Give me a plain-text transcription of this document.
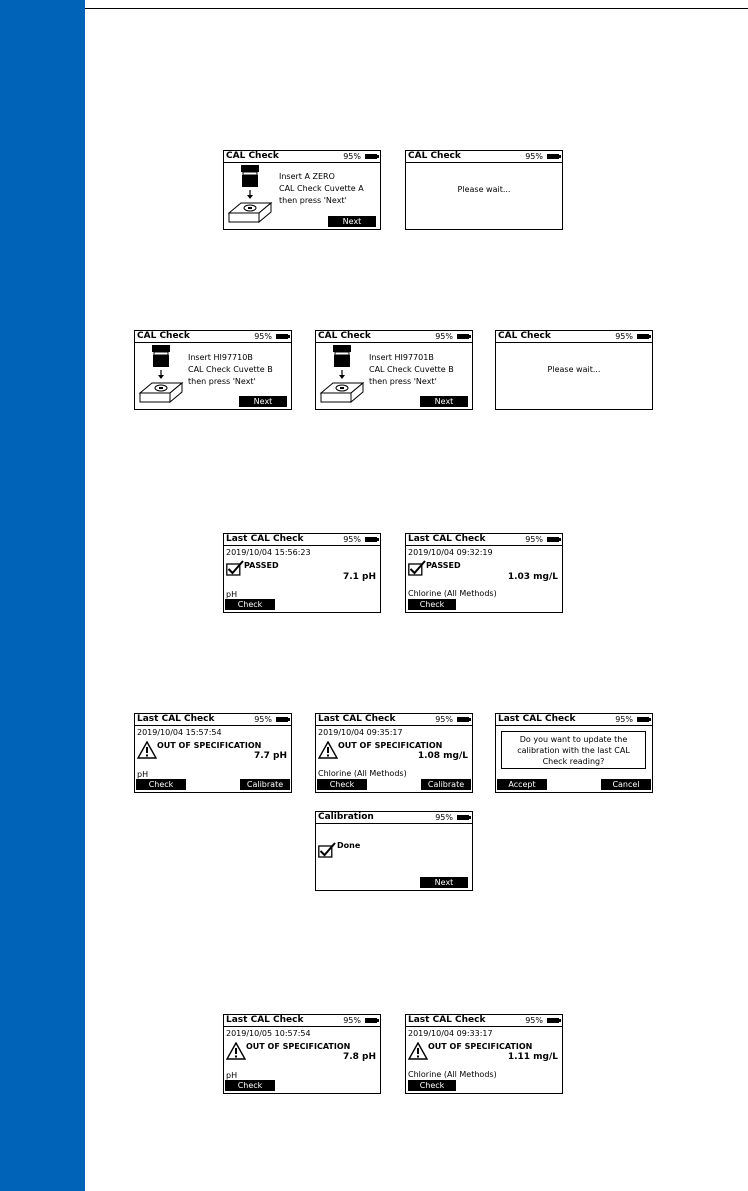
CAL Check	95%
Insert A ZERO
CAL Check Cuvette A
then press 'Next'
Next
CAL Check	95%
Please wait...
CAL Check	95%
Insert HI97710B
CAL Check Cuvette B
then press 'Next'
Next
CAL Check	95%
Insert HI97701B
CAL Check Cuvette B
then press 'Next'
Next
CAL Check	95%
Please wait...
Last CAL Check	95%
2019/10/04 15:56:23
PASSED
7.1 pH
pH
Check
Last CAL Check	95%
2019/10/04 09:32:19
PASSED
1.03 mg/L
Chlorine (All Methods)
Check
Last CAL Check	95%
2019/10/04 15:57:54
OUT OF SPECIFICATION
7.7 pH
pH
Check	Calibrate
Last CAL Check	95%
2019/10/04 09:35:17
OUT OF SPECIFICATION
1.08 mg/L
Chlorine (All Methods)
Check	Calibrate
Last CAL Check	95%
Do you want to update the
calibration with the last CAL
Check reading?
Accept	Cancel
Calibration	95%
Done
Next
Last CAL Check	95%
2019/10/05 10:57:54
OUT OF SPECIFICATION
7.8 pH
pH
Check
Last CAL Check	95%
2019/10/04 09:33:17
OUT OF SPECIFICATION
1.11 mg/L
Chlorine (All Methods)
Check
